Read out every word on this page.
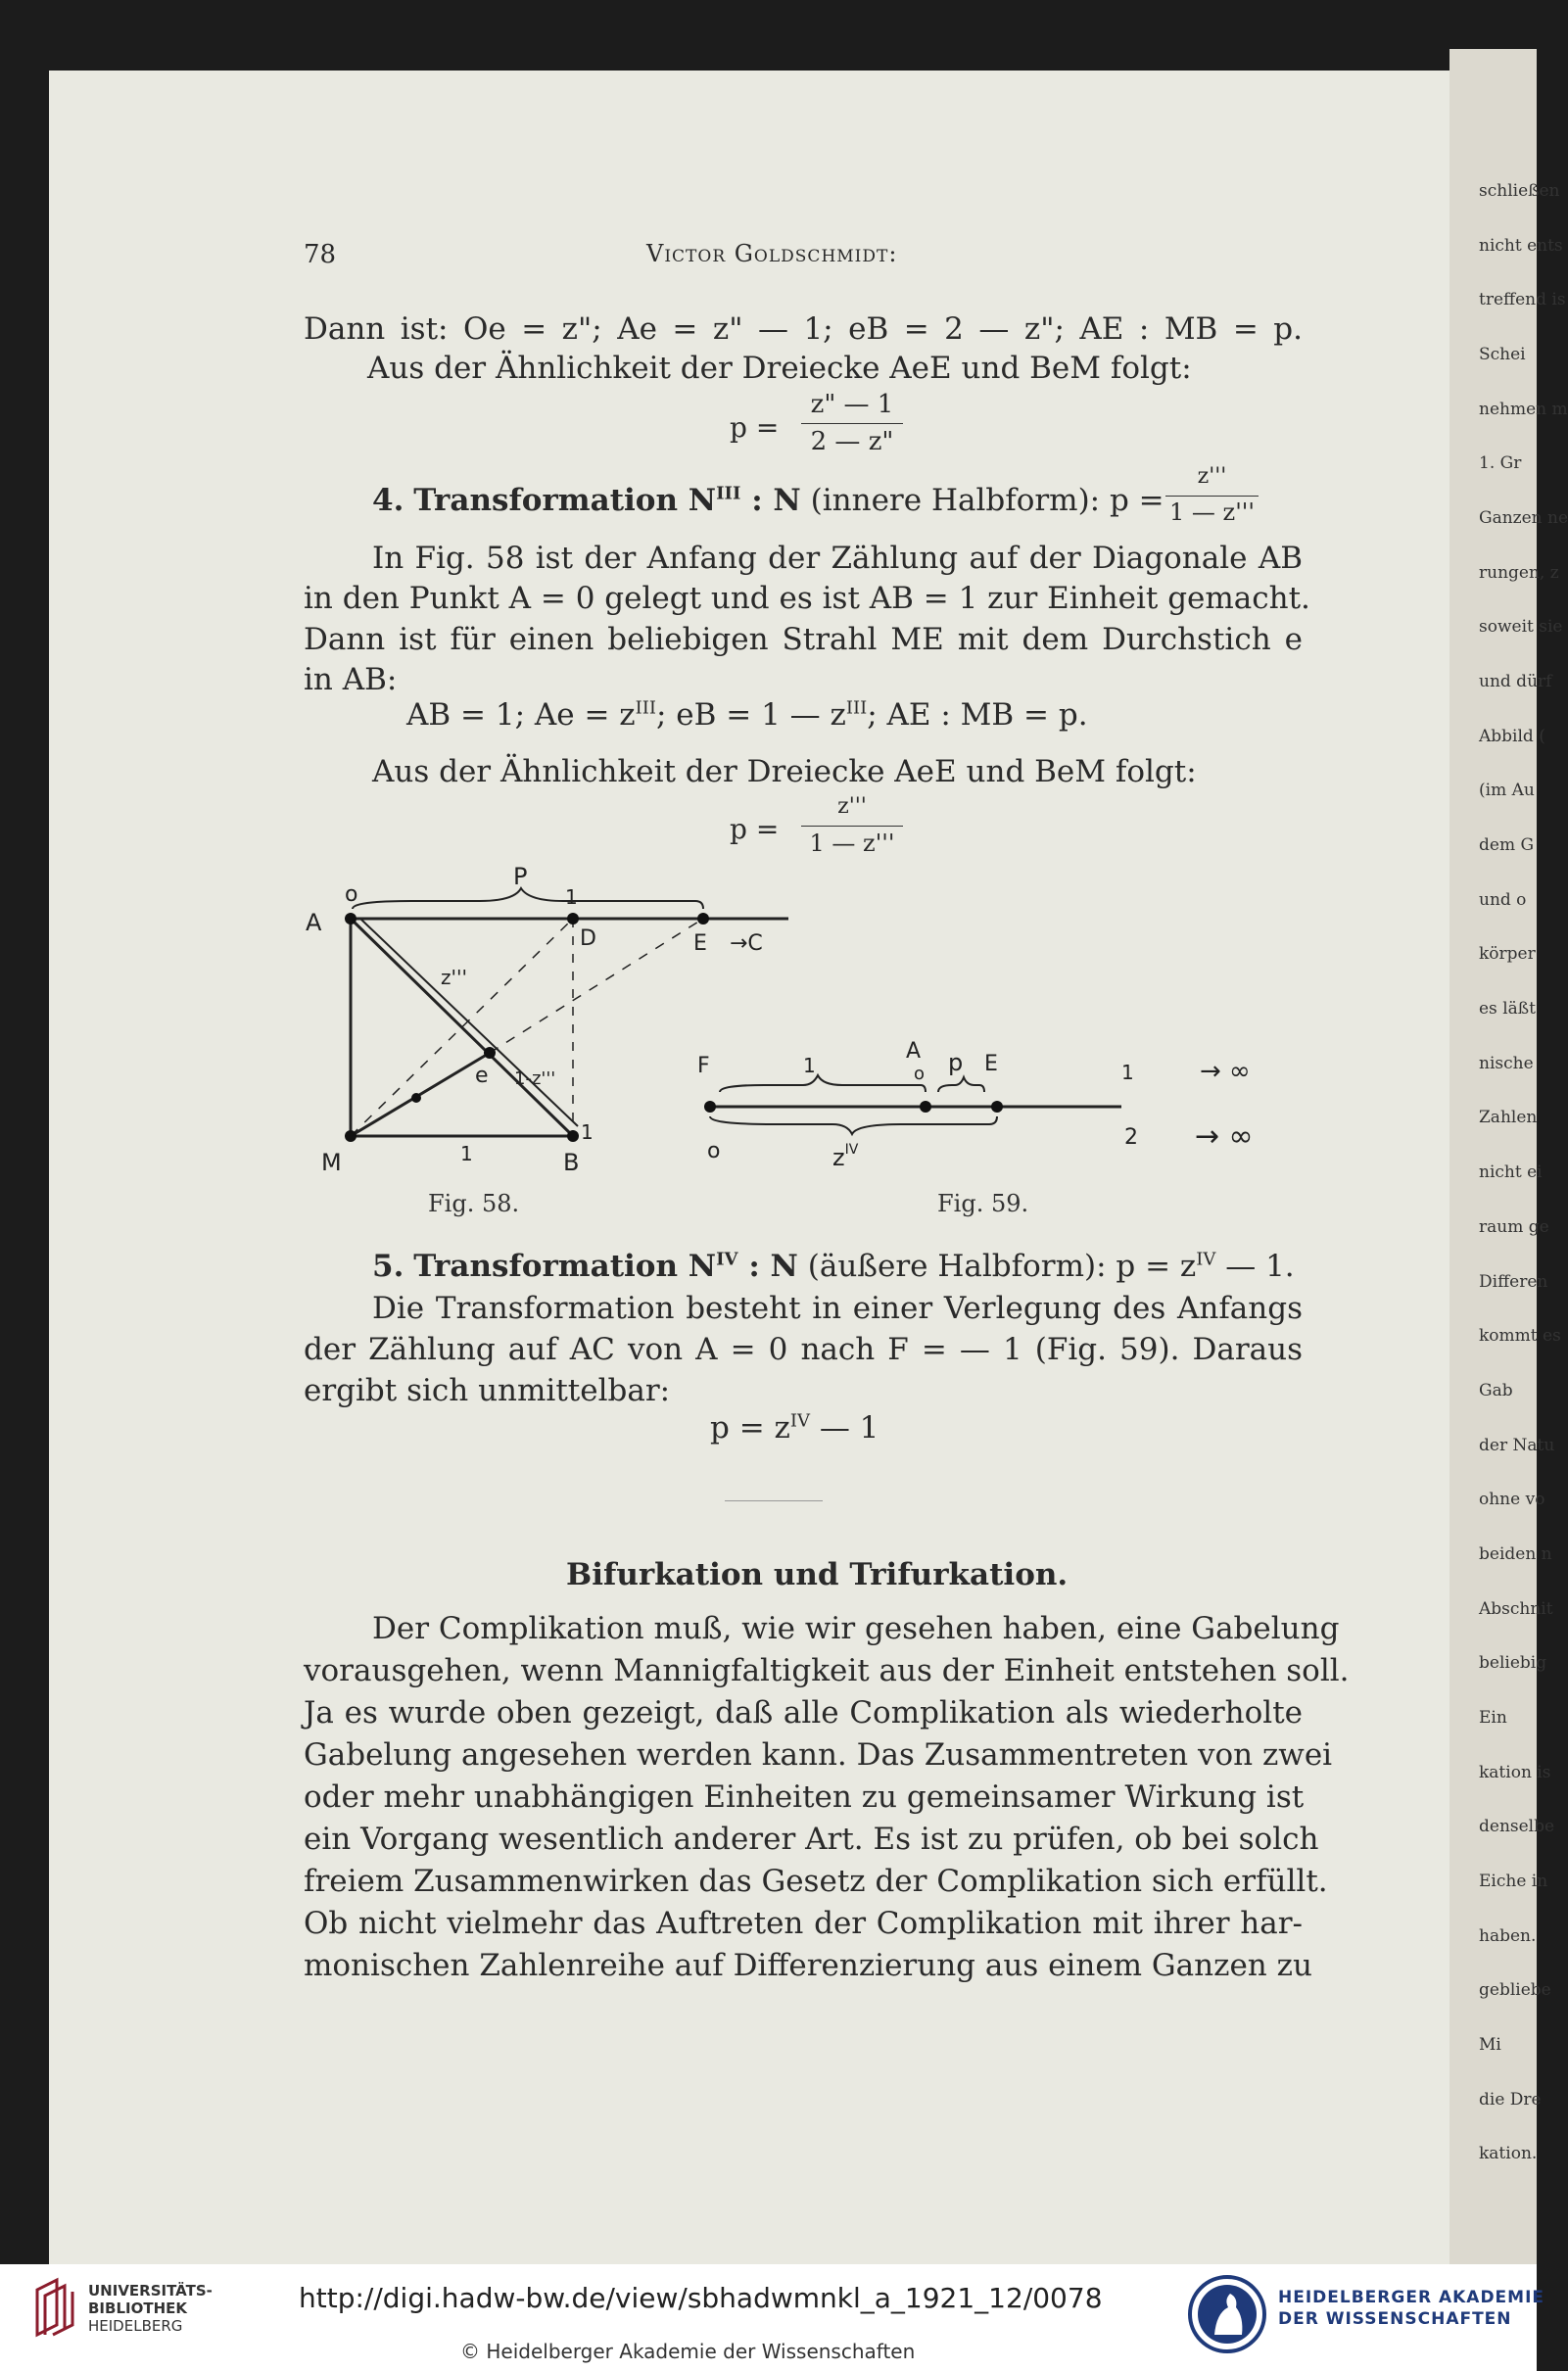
schließen
nicht ents
treffend is
Schei
nehmen m
1. Gr
Ganzen ne
rungen, z
soweit sie
und dürf
Abbild (
(im Au
dem G
und o
körper
es läßt
nische
Zahlen
nicht ei
raum ge
Differen
kommt es
Gab
der Natu
ohne vo
beiden n
Abschnit
beliebig
Ein
kation is
denselbe
Eiche in
haben.
gebliebe
Mi
die Dre
kation.
78	Victor Goldschmidt:
Dann ist: Oe = z"; Ae = z" — 1; eB = 2 — z"; AE : MB = p.
Aus der Ähnlichkeit der Dreiecke AeE und BeM folgt:
p =
z" — 1
2 — z"
4. Transformation $N^{III}$ : N (innere Halbform): p =
z'''
1 — z'''
In Fig. 58 ist der Anfang der Zählung auf der Diagonale AB
in den Punkt A = 0 gelegt und es ist AB = 1 zur Einheit gemacht.
Dann ist für einen beliebigen Strahl ME mit dem Durchstich e
in AB:
AB = 1; $Ae = z^{III}$; eB = 1 — $z^{III}$; AE : MB = p.
Aus der Ähnlichkeit der Dreiecke AeE und BeM folgt:
p =
z'''
1 — z'''
A
o
P
1
D	E →C
z'''
e 1-z'''
1
M	1	B
Fig. 58.
F	1
A
o p E	1	→ ∞
o	$z^{IV}$	2 → ∞
Fig. 59.
5. Transformation $N^{IV}$ : N (äußere Halbform): $p = z^{IV}$ — 1.
Die Transformation besteht in einer Verlegung des Anfangs
der Zählung auf AC von A = 0 nach F = — 1 (Fig. 59). Daraus
ergibt sich unmittelbar:
$p = z^{IV}$ — 1
Bifurkation und Trifurkation.
Der Complikation muß, wie wir gesehen haben, eine Gabelung
vorausgehen, wenn Mannigfaltigkeit aus der Einheit entstehen soll.
Ja es wurde oben gezeigt, daß alle Complikation als wiederholte
Gabelung angesehen werden kann. Das Zusammentreten von zwei
oder mehr unabhängigen Einheiten zu gemeinsamer Wirkung ist
ein Vorgang wesentlich anderer Art. Es ist zu prüfen, ob bei solch
freiem Zusammenwirken das Gesetz der Complikation sich erfüllt.
Ob nicht vielmehr das Auftreten der Complikation mit ihrer har-
monischen Zahlenreihe auf Differenzierung aus einem Ganzen zu
UNIVERSITÄTS-
BIBLIOTHEK
HEIDELBERG
http://digi.hadw-bw.de/view/sbhadwmnkl_a_1921_12/0078
© Heidelberger Akademie der Wissenschaften
HEIDELBERGER AKADEMIE
DER WISSENSCHAFTEN
